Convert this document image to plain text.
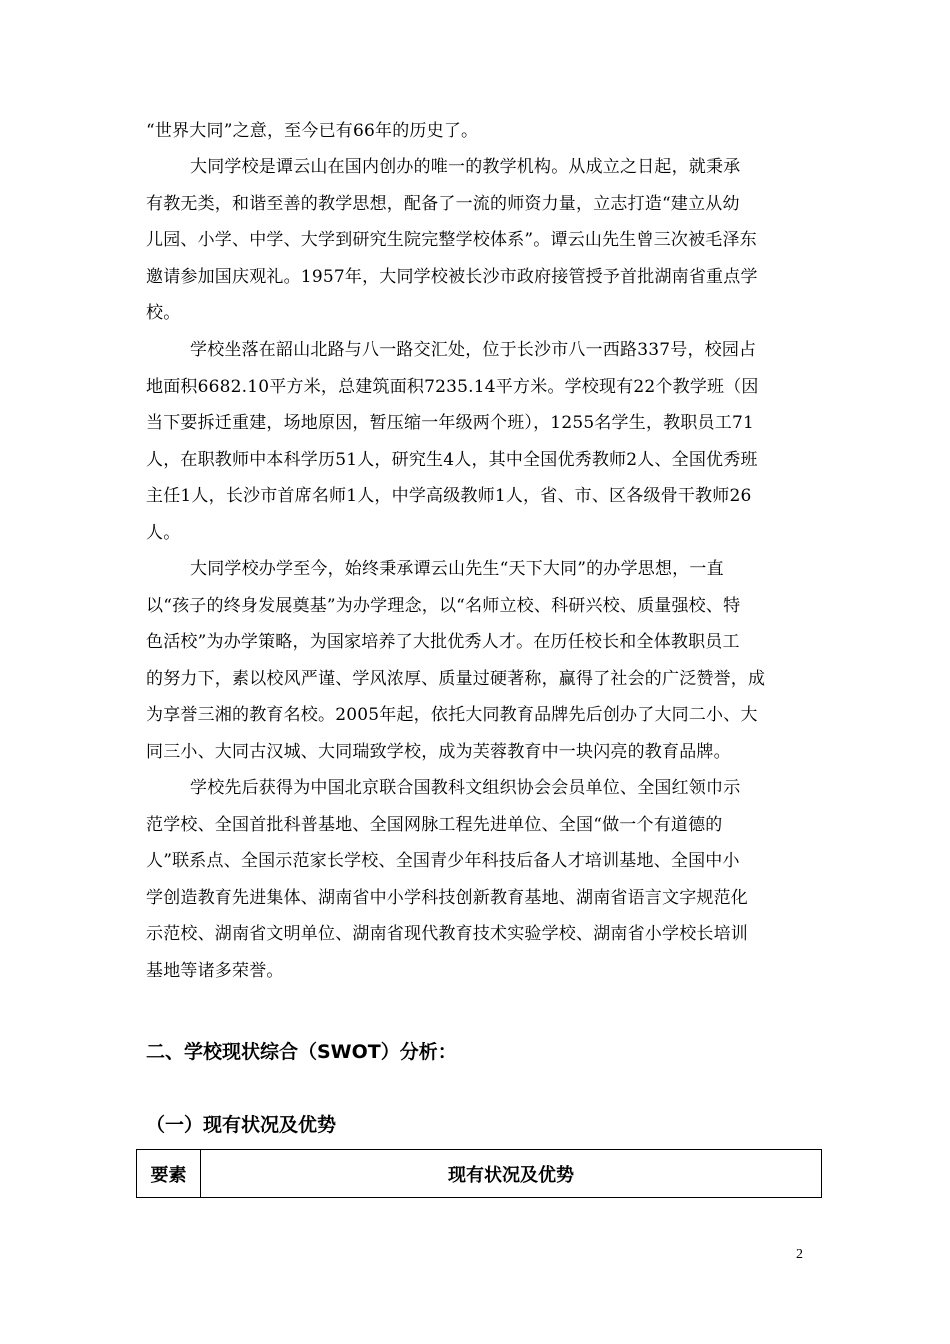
“世界大同”之意，至今已有66年的历史了。

大同学校是谭云山在国内创办的唯一的教学机构。从成立之日起，就秉承
有教无类，和谐至善的教学思想，配备了一流的师资力量，立志打造“建立从幼
儿园、小学、中学、大学到研究生院完整学校体系”。谭云山先生曾三次被毛泽东
邀请参加国庆观礼。1957年，大同学校被长沙市政府接管授予首批湖南省重点学
校。

学校坐落在韶山北路与八一路交汇处，位于长沙市八一西路337号，校园占
地面积6682.10平方米，总建筑面积7235.14平方米。学校现有22个教学班（因
当下要拆迁重建，场地原因，暂压缩一年级两个班），1255名学生，教职员工71
人，在职教师中本科学历51人，研究生4人，其中全国优秀教师2人、全国优秀班
主任1人，长沙市首席名师1人，中学高级教师1人，省、市、区各级骨干教师26
人。

大同学校办学至今，始终秉承谭云山先生“天下大同”的办学思想，一直
以“孩子的终身发展奠基”为办学理念，以“名师立校、科研兴校、质量强校、特
色活校”为办学策略，为国家培养了大批优秀人才。在历任校长和全体教职员工
的努力下，素以校风严谨、学风浓厚、质量过硬著称，赢得了社会的广泛赞誉，成
为享誉三湘的教育名校。2005年起，依托大同教育品牌先后创办了大同二小、大
同三小、大同古汉城、大同瑞致学校，成为芙蓉教育中一块闪亮的教育品牌。

学校先后获得为中国北京联合国教科文组织协会会员单位、全国红领巾示
范学校、全国首批科普基地、全国网脉工程先进单位、全国“做一个有道德的
人”联系点、全国示范家长学校、全国青少年科技后备人才培训基地、全国中小
学创造教育先进集体、湖南省中小学科技创新教育基地、湖南省语言文字规范化
示范校、湖南省文明单位、湖南省现代教育技术实验学校、湖南省小学校长培训
基地等诸多荣誉。

二、学校现状综合（SWOT）分析：
（一）现有状况及优势
要素	现有状况及优势
2
